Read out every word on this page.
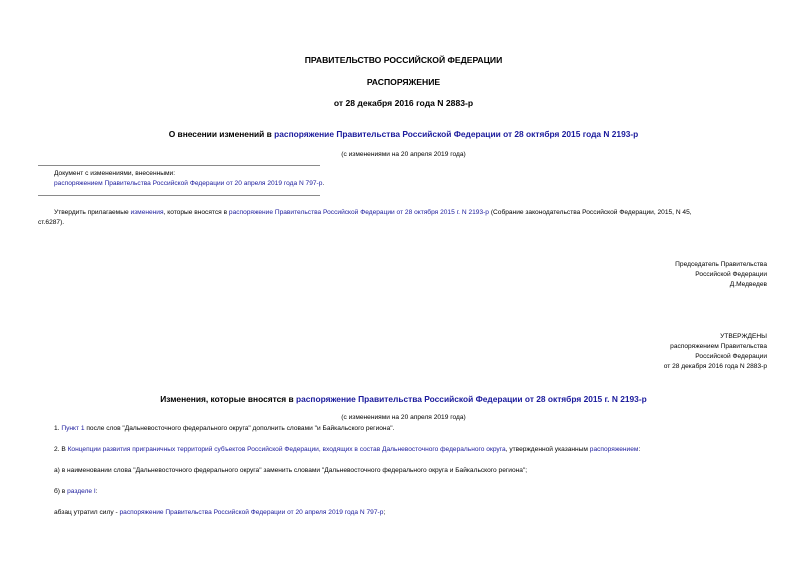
ПРАВИТЕЛЬСТВО РОССИЙСКОЙ ФЕДЕРАЦИИ
РАСПОРЯЖЕНИЕ
от 28 декабря 2016 года N 2883-р
О внесении изменений в распоряжение Правительства Российской Федерации от 28 октября 2015 года N 2193-р
(с изменениями на 20 апреля 2019 года)
Документ с изменениями, внесенными:
распоряжением Правительства Российской Федерации от 20 апреля 2019 года N 797-р.
Утвердить прилагаемые изменения, которые вносятся в распоряжение Правительства Российской Федерации от 28 октября 2015 г. N 2193-р (Собрание законодательства Российской Федерации, 2015, N 45,
ст.6287).
Председатель Правительства
Российской Федерации
Д.Медведев
УТВЕРЖДЕНЫ
распоряжением Правительства
Российской Федерации
от 28 декабря 2016 года N 2883-р
Изменения, которые вносятся в распоряжение Правительства Российской Федерации от 28 октября 2015 г. N 2193-р
(с изменениями на 20 апреля 2019 года)
1. Пункт 1 после слов "Дальневосточного федерального округа" дополнить словами "и Байкальского региона".
2. В Концепции развития приграничных территорий субъектов Российской Федерации, входящих в состав Дальневосточного федерального округа, утвержденной указанным распоряжением:
а) в наименовании слова "Дальневосточного федерального округа" заменить словами "Дальневосточного федерального округа и Байкальского региона";
б) в разделе I:
абзац утратил силу - распоряжение Правительства Российской Федерации от 20 апреля 2019 года N 797-р;
